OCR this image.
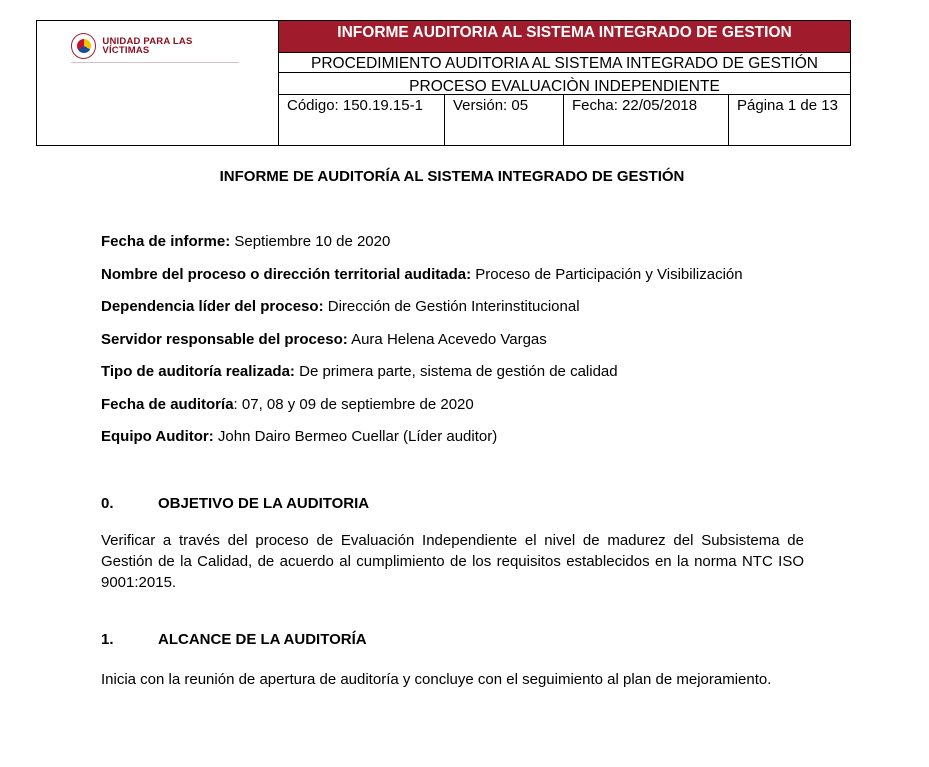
UNIDAD PARA LAS VÍCTIMAS
INFORME AUDITORIA AL SISTEMA INTEGRADO DE GESTION
PROCEDIMIENTO AUDITORIA AL SISTEMA INTEGRADO DE GESTIÓN
PROCESO EVALUACIÒN INDEPENDIENTE
Código: 150.19.15-1	Versión: 05	Fecha: 22/05/2018	Página 1 de 13
INFORME DE AUDITORÍA AL SISTEMA INTEGRADO DE GESTIÓN
Fecha de informe: Septiembre 10 de 2020
Nombre del proceso o dirección territorial auditada: Proceso de Participación y Visibilización
Dependencia líder del proceso: Dirección de Gestión Interinstitucional
Servidor responsable del proceso: Aura Helena Acevedo Vargas
Tipo de auditoría realizada: De primera parte, sistema de gestión de calidad
Fecha de auditoría: 07, 08 y 09 de septiembre de 2020
Equipo Auditor: John Dairo Bermeo Cuellar (Líder auditor)
0.	OBJETIVO DE LA AUDITORIA
Verificar a través del proceso de Evaluación Independiente el nivel de madurez del Subsistema de Gestión de la Calidad, de acuerdo al cumplimiento de los requisitos establecidos en la norma NTC ISO 9001:2015.
1.	ALCANCE DE LA AUDITORÍA
Inicia con la reunión de apertura de auditoría y concluye con el seguimiento al plan de mejoramiento.
